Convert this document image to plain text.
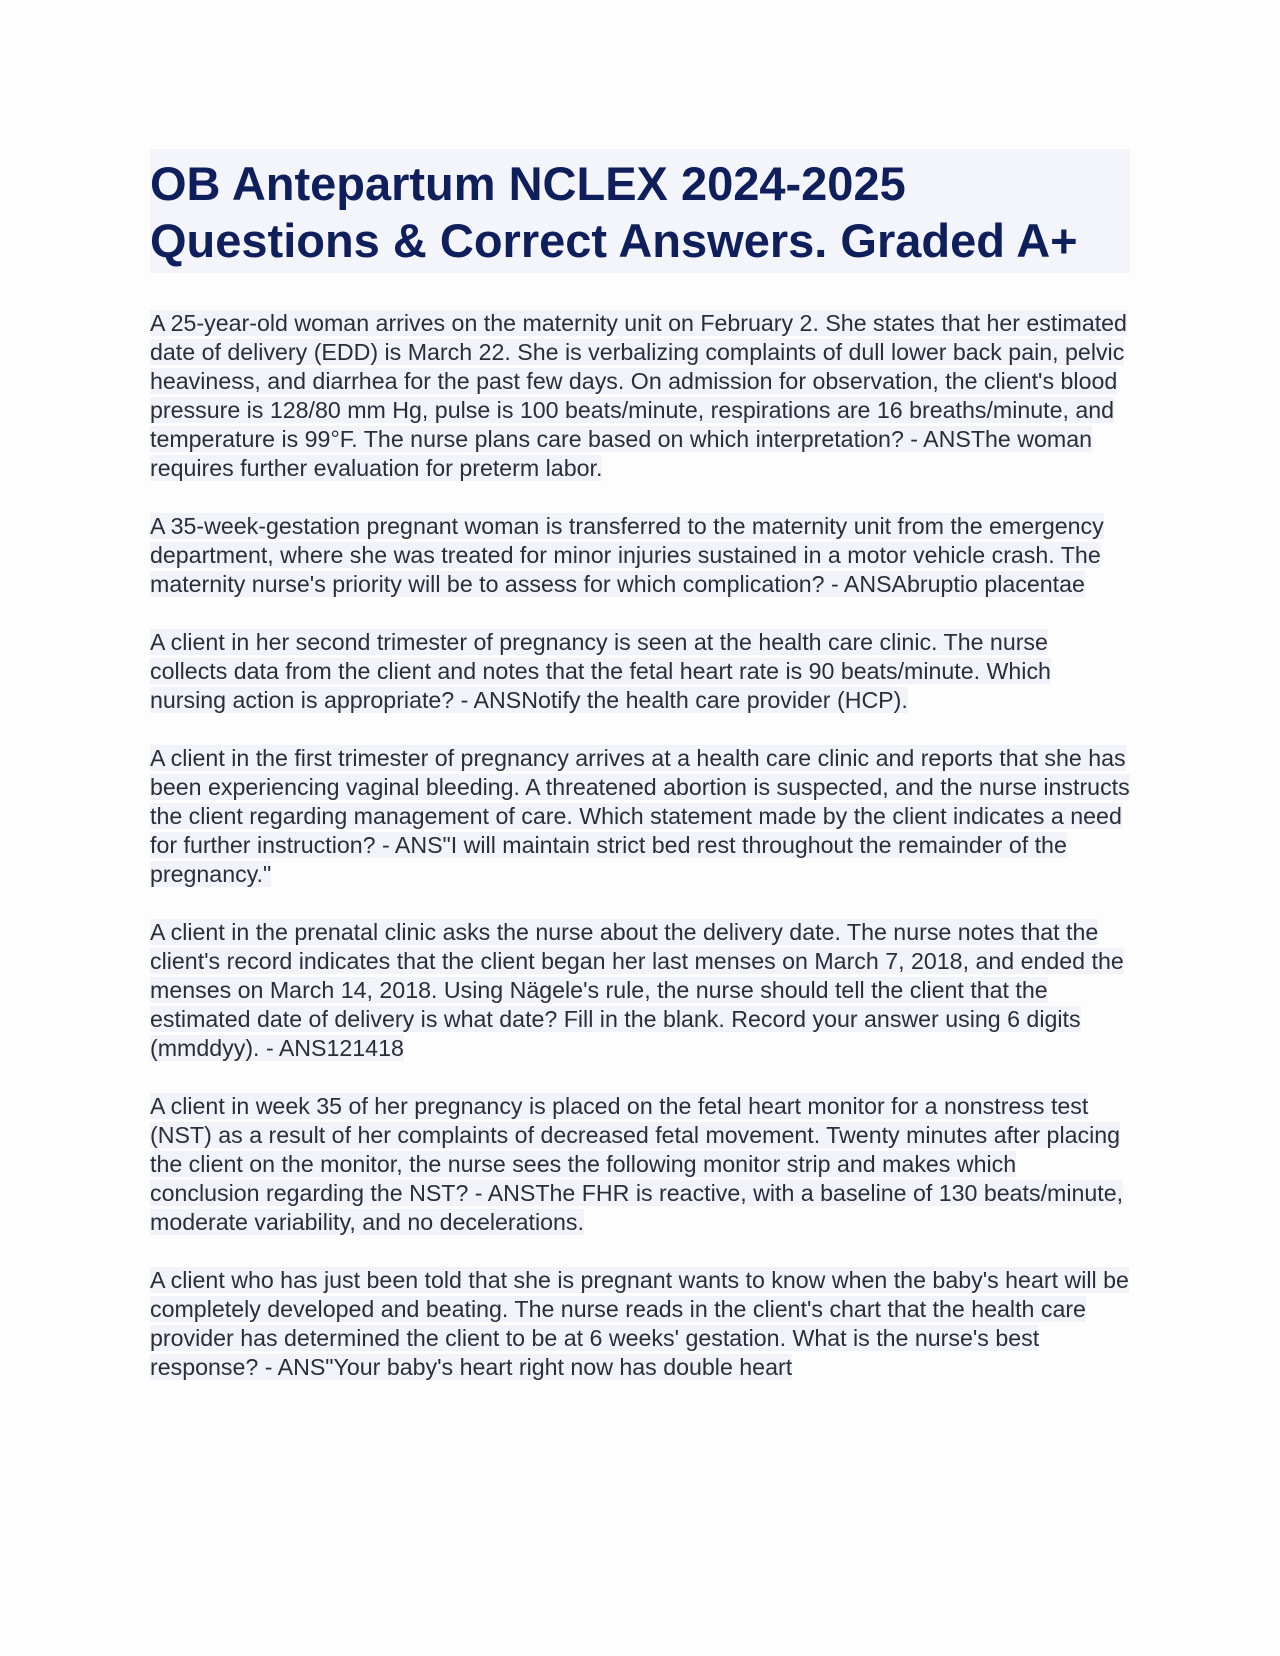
OB Antepartum NCLEX 2024-2025 Questions & Correct Answers. Graded A+

A 25-year-old woman arrives on the maternity unit on February 2. She states that her estimated date of delivery (EDD) is March 22. She is verbalizing complaints of dull lower back pain, pelvic heaviness, and diarrhea for the past few days. On admission for observation, the client's blood pressure is 128/80 mm Hg, pulse is 100 beats/minute, respirations are 16 breaths/minute, and temperature is 99°F. The nurse plans care based on which interpretation? - ANSThe woman requires further evaluation for preterm labor.

A 35-week-gestation pregnant woman is transferred to the maternity unit from the emergency department, where she was treated for minor injuries sustained in a motor vehicle crash. The maternity nurse's priority will be to assess for which complication? - ANSAbruptio placentae

A client in her second trimester of pregnancy is seen at the health care clinic. The nurse collects data from the client and notes that the fetal heart rate is 90 beats/minute. Which nursing action is appropriate? - ANSNotify the health care provider (HCP).

A client in the first trimester of pregnancy arrives at a health care clinic and reports that she has been experiencing vaginal bleeding. A threatened abortion is suspected, and the nurse instructs the client regarding management of care. Which statement made by the client indicates a need for further instruction? - ANS"I will maintain strict bed rest throughout the remainder of the pregnancy."

A client in the prenatal clinic asks the nurse about the delivery date. The nurse notes that the client's record indicates that the client began her last menses on March 7, 2018, and ended the menses on March 14, 2018. Using Nägele's rule, the nurse should tell the client that the estimated date of delivery is what date? Fill in the blank. Record your answer using 6 digits (mmddyy). - ANS121418

A client in week 35 of her pregnancy is placed on the fetal heart monitor for a nonstress test (NST) as a result of her complaints of decreased fetal movement. Twenty minutes after placing the client on the monitor, the nurse sees the following monitor strip and makes which conclusion regarding the NST? - ANSThe FHR is reactive, with a baseline of 130 beats/minute, moderate variability, and no decelerations.

A client who has just been told that she is pregnant wants to know when the baby's heart will be completely developed and beating. The nurse reads in the client's chart that the health care provider has determined the client to be at 6 weeks' gestation. What is the nurse's best response? - ANS"Your baby's heart right now has double heart
